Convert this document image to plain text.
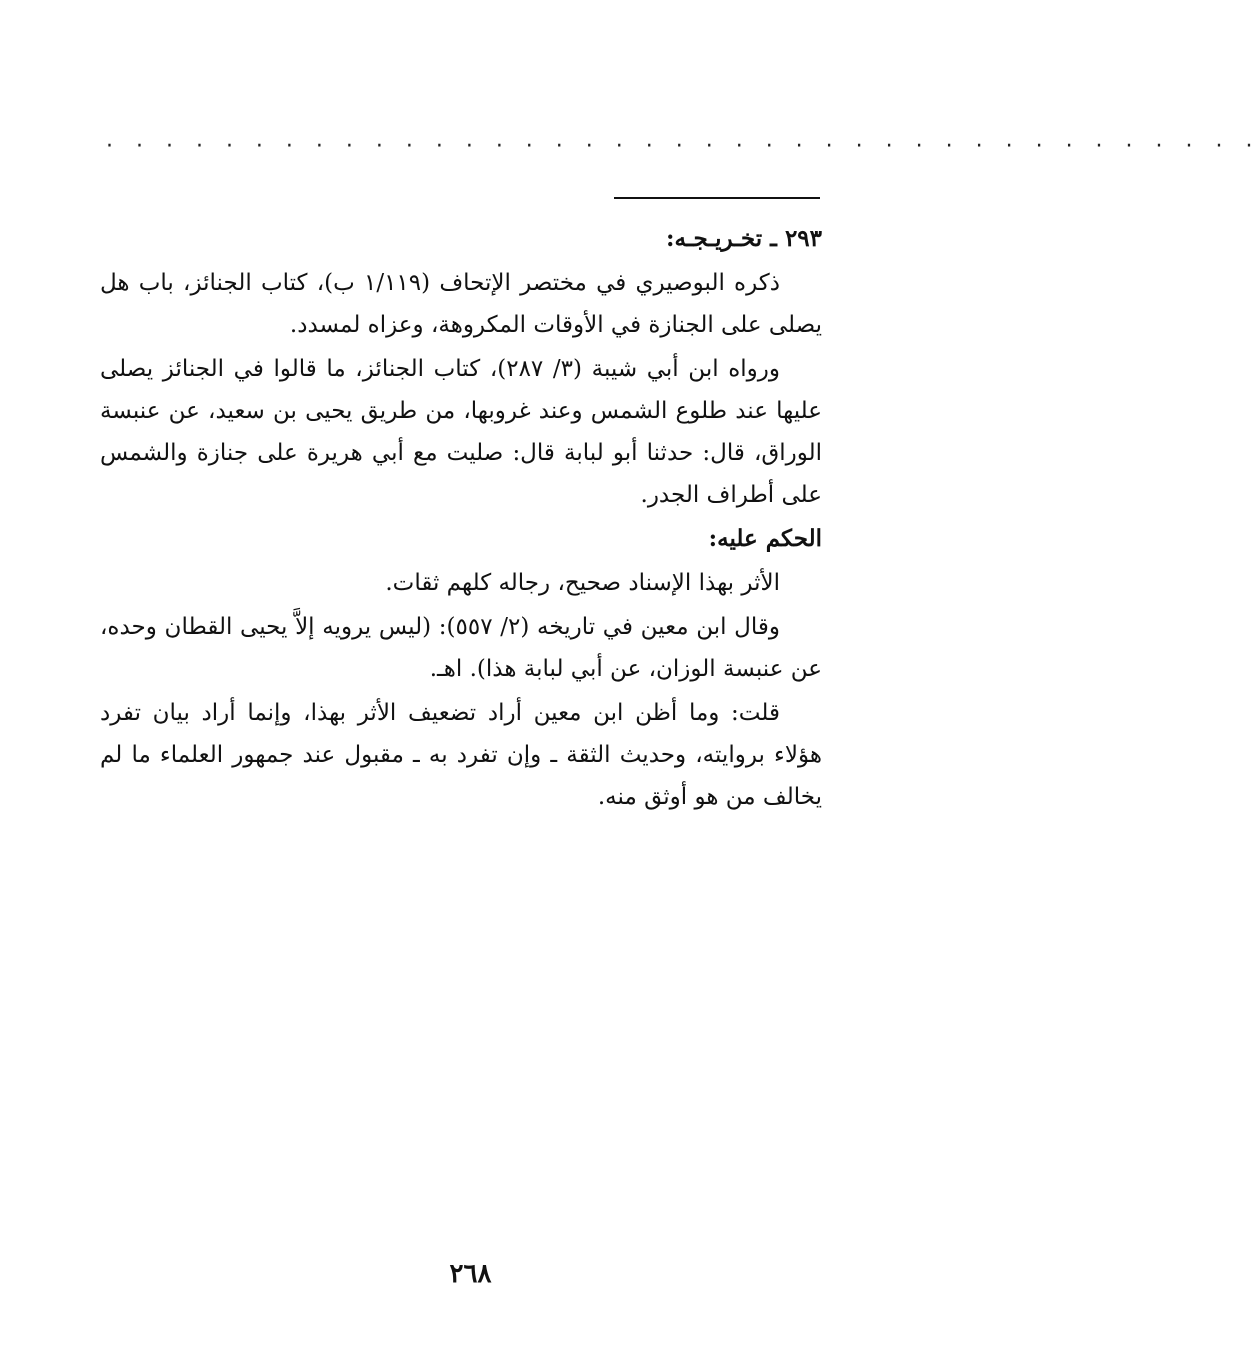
· · · · · · · · · · · · · · · · · · · · · · · · · · · · · · · · · · · · · · ·

٢٩٣ ـ تخـريـجـه:

ذكره البوصيري في مختصر الإتحاف (١/١١٩ ب)، كتاب الجنائز، باب هل يصلى على الجنازة في الأوقات المكروهة، وعزاه لمسدد.

ورواه ابن أبي شيبة (٣/ ٢٨٧)، كتاب الجنائز، ما قالوا في الجنائز يصلى عليها عند طلوع الشمس وعند غروبها، من طريق يحيى بن سعيد، عن عنبسة الوراق، قال: حدثنا أبو لبابة قال: صليت مع أبي هريرة على جنازة والشمس على أطراف الجدر.

الحكم عليه:

الأثر بهذا الإسناد صحيح، رجاله كلهم ثقات.

وقال ابن معين في تاريخه (٢/ ٥٥٧): (ليس يرويه إلاَّ يحيى القطان وحده، عن عنبسة الوزان، عن أبي لبابة هذا). اهـ.

قلت: وما أظن ابن معين أراد تضعيف الأثر بهذا، وإنما أراد بيان تفرد هؤلاء بروايته، وحديث الثقة ـ وإن تفرد به ـ مقبول عند جمهور العلماء ما لم يخالف من هو أوثق منه.

٢٦٨
